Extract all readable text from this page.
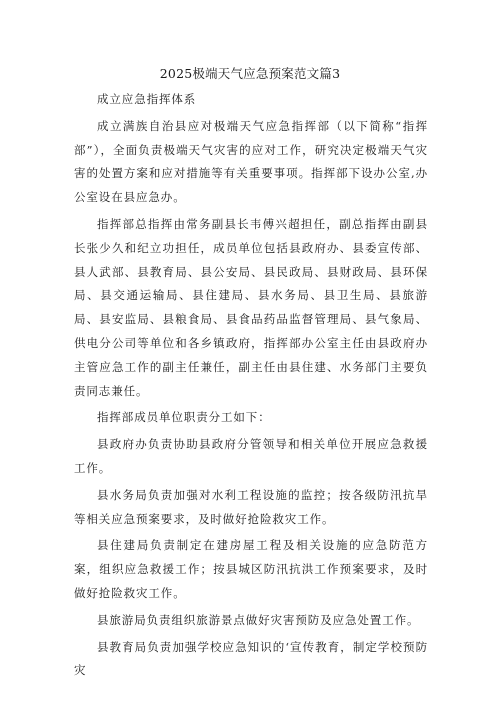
2025极端天气应急预案范文篇3

成立应急指挥体系

成立满族自治县应对极端天气应急指挥部（以下简称“指挥部”），全面负责极端天气灾害的应对工作，研究决定极端天气灾害的处置方案和应对措施等有关重要事项。指挥部下设办公室,办公室设在县应急办。

指挥部总指挥由常务副县长韦傅兴超担任，副总指挥由副县长张少久和纪立功担任，成员单位包括县政府办、县委宣传部、县人武部、县教育局、县公安局、县民政局、县财政局、县环保局、县交通运输局、县住建局、县水务局、县卫生局、县旅游局、县安监局、县粮食局、县食品药品监督管理局、县气象局、供电分公司等单位和各乡镇政府，指挥部办公室主任由县政府办主管应急工作的副主任兼任，副主任由县住建、水务部门主要负责同志兼任。

指挥部成员单位职责分工如下：

县政府办负责协助县政府分管领导和相关单位开展应急救援工作。

县水务局负责加强对水利工程设施的监控；按各级防汛抗旱等相关应急预案要求，及时做好抢险救灾工作。

县住建局负责制定在建房屋工程及相关设施的应急防范方案，组织应急救援工作；按县城区防汛抗洪工作预案要求，及时做好抢险救灾工作。

县旅游局负责组织旅游景点做好灾害预防及应急处置工作。

县教育局负责加强学校应急知识的‘宣传教育，制定学校预防灾
